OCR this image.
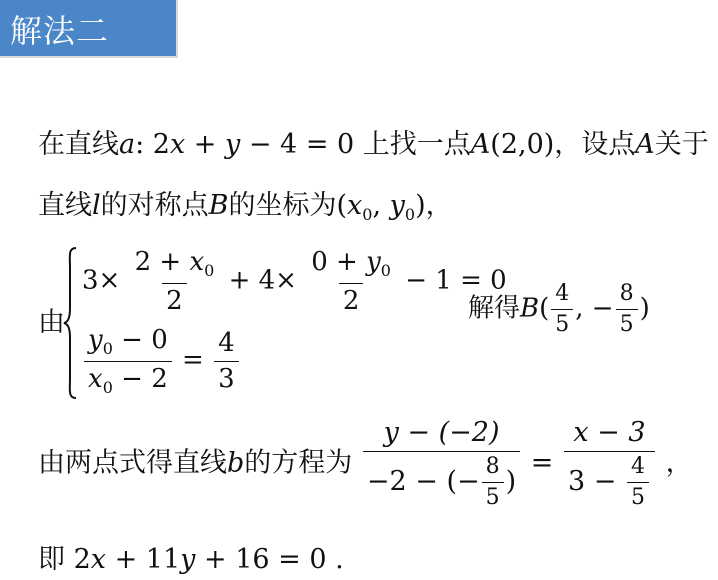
解法二
在直线a: 2x + y − 4 = 0 上找一点A(2,0)，设点A关于
直线l的对称点B的坐标为($x_0$, $y_0$)，
由
$3\times \frac{2 + x_0}{2} + 4\times \frac{0 + y_0}{2} - 1 = 0$
$\frac{y_0 - 0}{x_0 - 2} = \frac{4}{3}$
解得$B( \frac{4}{5}$ , − $\frac{8}{5}$ )
由两点式得直线b的方程为 $\frac{y - (-2)}{-2 - (- \frac{8}{5} )} = \frac{x - 3}{3 - \frac{4}{5}}$ ，
即 2x + 11y + 16 = 0 .
